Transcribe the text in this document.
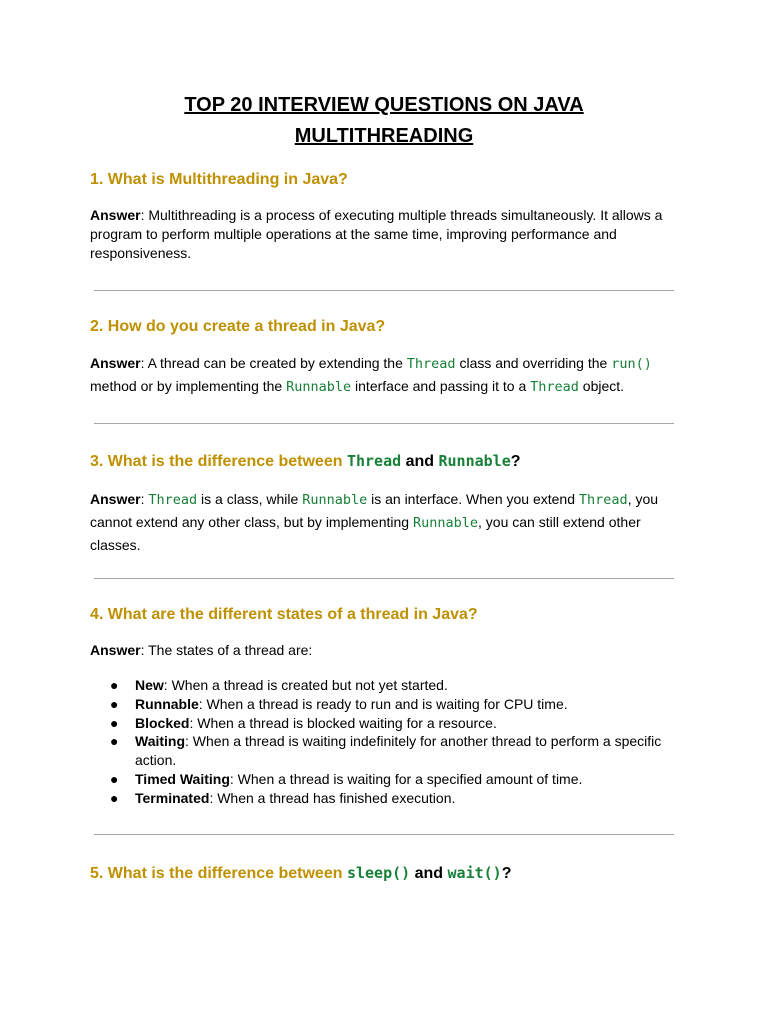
TOP 20 INTERVIEW QUESTIONS ON JAVA
MULTITHREADING
1. What is Multithreading in Java?
Answer: Multithreading is a process of executing multiple threads simultaneously. It allows a program to perform multiple operations at the same time, improving performance and responsiveness.
2. How do you create a thread in Java?
Answer: A thread can be created by extending the Thread class and overriding the run()
method or by implementing the Runnable interface and passing it to a Thread object.
3. What is the difference between Thread and Runnable?
Answer: Thread is a class, while Runnable is an interface. When you extend Thread, you cannot extend any other class, but by implementing Runnable, you can still extend other classes.
4. What are the different states of a thread in Java?
Answer: The states of a thread are:
● New: When a thread is created but not yet started.
● Runnable: When a thread is ready to run and is waiting for CPU time.
● Blocked: When a thread is blocked waiting for a resource.
● Waiting: When a thread is waiting indefinitely for another thread to perform a specific action.
● Timed Waiting: When a thread is waiting for a specified amount of time.
● Terminated: When a thread has finished execution.
5. What is the difference between sleep() and wait()?
